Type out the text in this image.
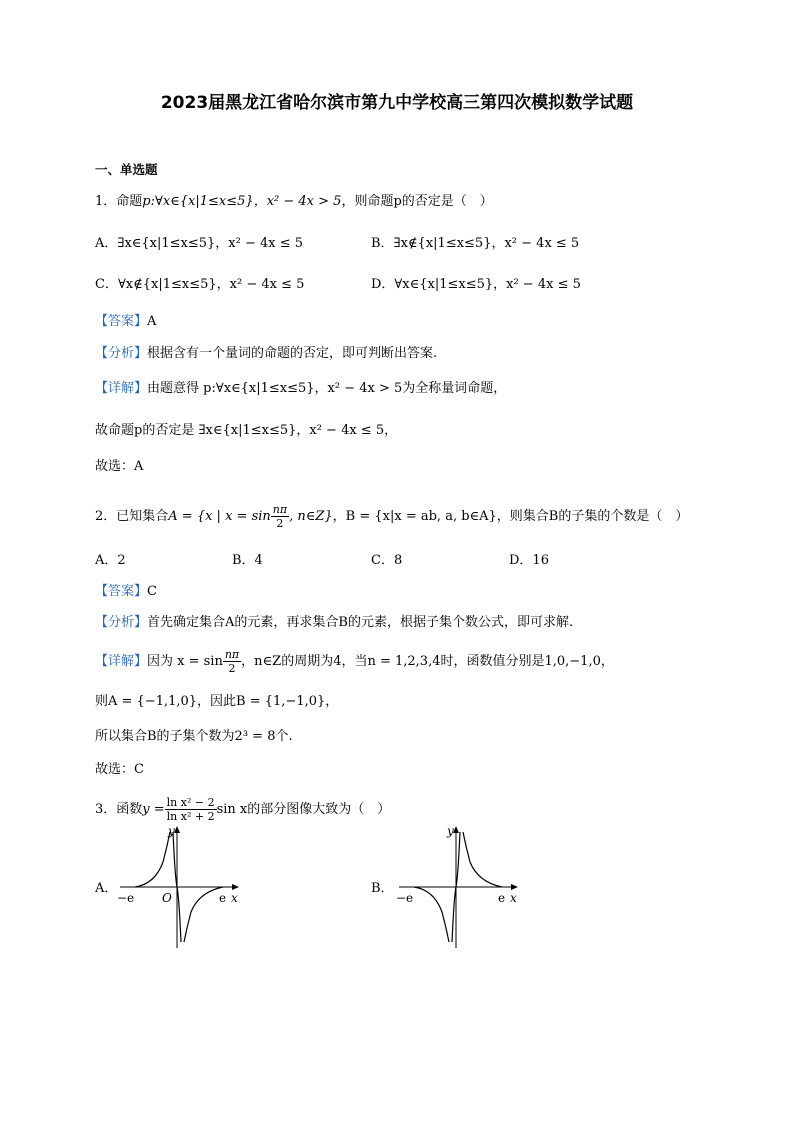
2023届黑龙江省哈尔滨市第九中学校高三第四次模拟数学试题
一、单选题
1．命题p:∀x∈{x|1≤x≤5}，x² − 4x > 5，则命题p的否定是（　）
A．∃x∈{x|1≤x≤5}，x² − 4x ≤ 5	B．∃x∉{x|1≤x≤5}，x² − 4x ≤ 5
C．∀x∉{x|1≤x≤5}，x² − 4x ≤ 5	D．∀x∈{x|1≤x≤5}，x² − 4x ≤ 5
【答案】A
【分析】根据含有一个量词的命题的否定，即可判断出答案.
【详解】由题意得 p:∀x∈{x|1≤x≤5}，x² − 4x > 5为全称量词命题，
故命题p的否定是 ∃x∈{x|1≤x≤5}，x² − 4x ≤ 5，
故选：A
2．已知集合A = {x | $x = \sin \frac{n\pi}{2}$ , n∈Z}，B = {x|x = ab, a, b∈A}，则集合B的子集的个数是（　）
A．2	B．4	C．8	D．16
【答案】C
【分析】首先确定集合A的元素，再求集合B的元素，根据子集个数公式，即可求解.
【详解】因为 $x = \sin \frac{n\pi}{2}$ ，n∈Z的周期为4，当n = 1,2,3,4时，函数值分别是1,0,−1,0，
则A = {−1,1,0}，因此B = {1,−1,0}，
所以集合B的子集个数为2³ = 8个.
故选：C
3．函数$y = \frac{\text{ln x² − 2}}{\text{ln x² + 2}}$ sin x的部分图像大致为（　）
A．	B．
−e O	e x
y
−e	e x
y
